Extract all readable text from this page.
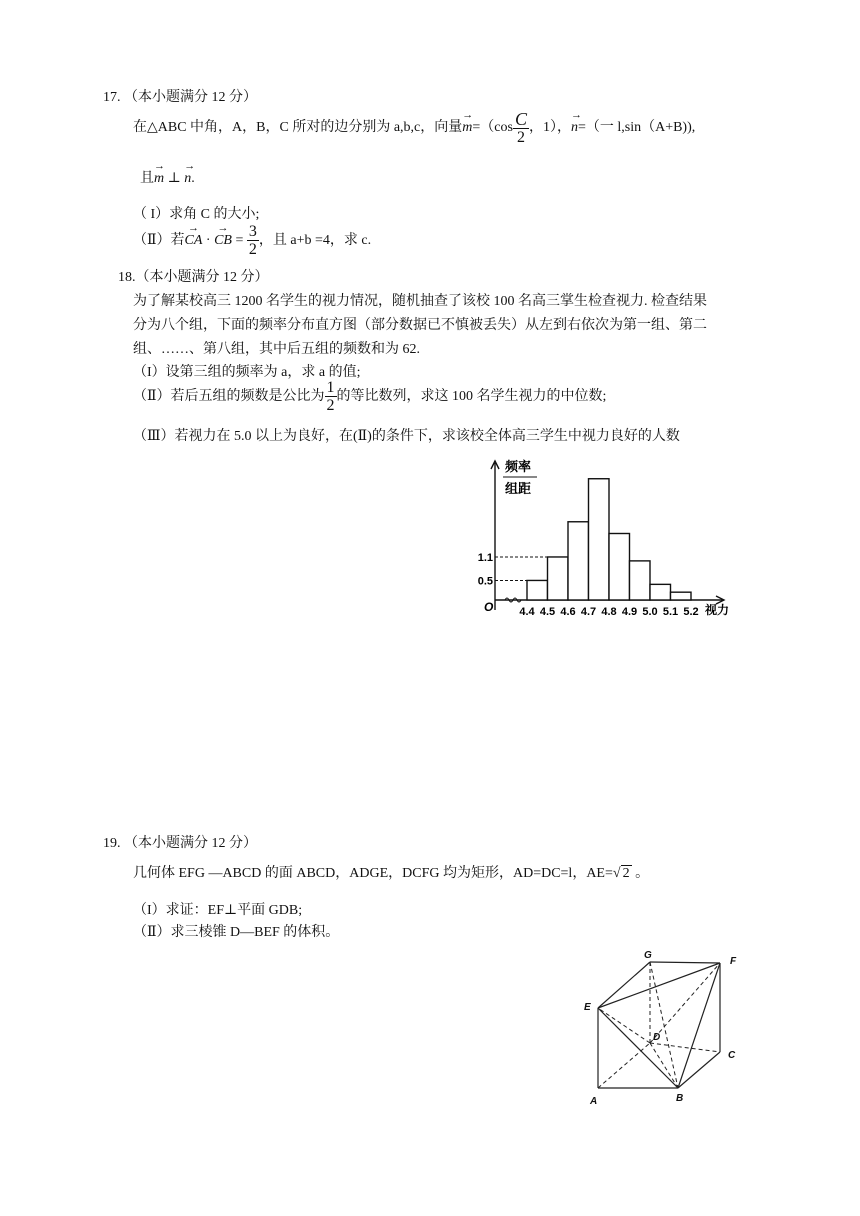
17. （本小题满分 12 分）
在△ABC 中角，A，B，C 所对的边分别为 a,b,c，向量→ $m=(\cos \frac{C}{2}$ ，1），→ n=（一 l,sin（A+B)),
且→ m ⊥ → n.
（ I）求角 C 的大小;
（Ⅱ）若→ CA · → CB = $\frac{3}{2}$ ，且 a+b =4，求 c.
18.（本小题满分 12 分）
为了解某校高三 1200 名学生的视力情况，随机抽查了该校 100 名高三掌生检查视力. 检查结果
分为八个组，下面的频率分布直方图（部分数据已不慎被丢失）从左到右依次为第一组、第二
组、……、第八组，其中后五组的频数和为 62.
（I）设第三组的频率为 a，求 a 的值;
（Ⅱ）若后五组的频数是公比为 $\frac{1}{2}$ 的等比数列，求这 100 名学生视力的中位数;
（Ⅲ）若视力在 5.0 以上为良好，在(Ⅱ)的条件下，求该校全体高三学生中视力良好的人数
频率
组距
O	视力
4.4 4.5 4.6 4.7 4.8 4.9 5.0 5.1 5.2
1.1
0.5
19. （本小题满分 12 分）
几何体 EFG —ABCD 的面 ABCD，ADGE，DCFG 均为矩形，AD=DC=l，AE=√ 2 。
（I）求证：EF⊥平面 GDB;
（Ⅱ）求三棱锥 D—BEF 的体积。
G
F
E
D
C
A	B
